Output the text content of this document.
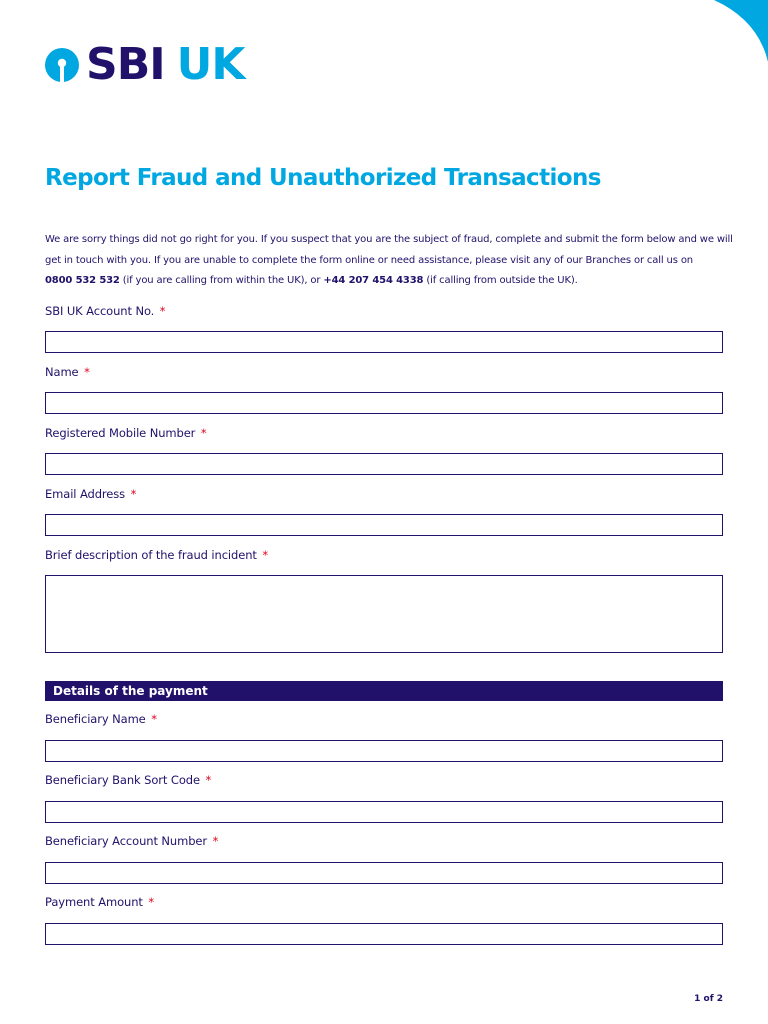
SBI UK
Report Fraud and Unauthorized Transactions
We are sorry things did not go right for you. If you suspect that you are the subject of fraud, complete and submit the form below and we will
get in touch with you. If you are unable to complete the form online or need assistance, please visit any of our Branches or call us on
0800 532 532 (if you are calling from within the UK), or +44 207 454 4338 (if calling from outside the UK).
SBI UK Account No. *
Name *
Registered Mobile Number *
Email Address *
Brief description of the fraud incident *
Details of the payment
Beneficiary Name *
Beneficiary Bank Sort Code *
Beneficiary Account Number *
Payment Amount *
1 of 2
